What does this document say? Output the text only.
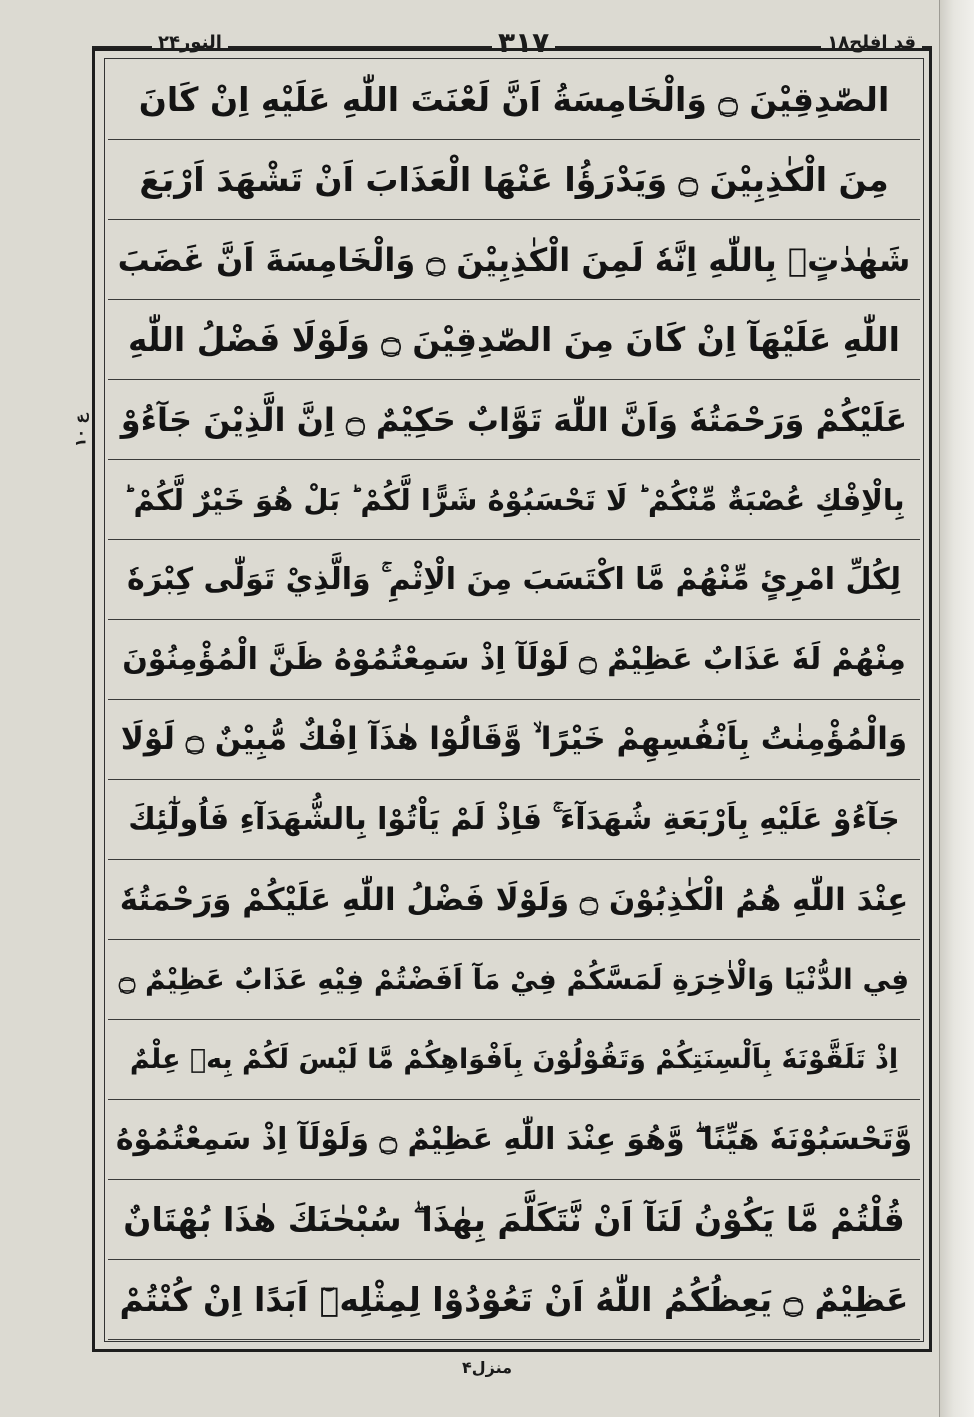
النور۲۴	۳۱۷	قد افلح۱۸
ع ۱۰
الصّٰدِقِيْنَ ۝ وَالْخَامِسَةُ اَنَّ لَعْنَتَ اللّٰهِ عَلَيْهِ اِنْ كَانَ
مِنَ الْكٰذِبِيْنَ ۝ وَيَدْرَؤُا عَنْهَا الْعَذَابَ اَنْ تَشْهَدَ اَرْبَعَ
شَهٰدٰتٍۭ بِاللّٰهِ اِنَّهٗ لَمِنَ الْكٰذِبِيْنَ ۝ وَالْخَامِسَةَ اَنَّ غَضَبَ
اللّٰهِ عَلَيْهَآ اِنْ كَانَ مِنَ الصّٰدِقِيْنَ ۝ وَلَوْلَا فَضْلُ اللّٰهِ
عَلَيْكُمْ وَرَحْمَتُهٗ وَاَنَّ اللّٰهَ تَوَّابٌ حَكِيْمٌ ۝ اِنَّ الَّذِيْنَ جَآءُوْ
بِالْاِفْكِ عُصْبَةٌ مِّنْكُمْ ؕ لَا تَحْسَبُوْهُ شَرًّا لَّكُمْ ؕ بَلْ هُوَ خَيْرٌ لَّكُمْ ؕ
لِكُلِّ امْرِئٍ مِّنْهُمْ مَّا اكْتَسَبَ مِنَ الْاِثْمِ ۚ وَالَّذِيْ تَوَلّٰى كِبْرَهٗ
مِنْهُمْ لَهٗ عَذَابٌ عَظِيْمٌ ۝ لَوْلَآ اِذْ سَمِعْتُمُوْهُ ظَنَّ الْمُؤْمِنُوْنَ
وَالْمُؤْمِنٰتُ بِاَنْفُسِهِمْ خَيْرًا ۙ وَّقَالُوْا هٰذَآ اِفْكٌ مُّبِيْنٌ ۝ لَوْلَا
جَآءُوْ عَلَيْهِ بِاَرْبَعَةِ شُهَدَآءَ ۚ فَاِذْ لَمْ يَاْتُوْا بِالشُّهَدَآءِ فَاُولٰٓئِكَ
عِنْدَ اللّٰهِ هُمُ الْكٰذِبُوْنَ ۝ وَلَوْلَا فَضْلُ اللّٰهِ عَلَيْكُمْ وَرَحْمَتُهٗ
فِي الدُّنْيَا وَالْاٰخِرَةِ لَمَسَّكُمْ فِيْ مَآ اَفَضْتُمْ فِيْهِ عَذَابٌ عَظِيْمٌ ۝
اِذْ تَلَقَّوْنَهٗ بِاَلْسِنَتِكُمْ وَتَقُوْلُوْنَ بِاَفْوَاهِكُمْ مَّا لَيْسَ لَكُمْ بِهٖ عِلْمٌ
وَّتَحْسَبُوْنَهٗ هَيِّنًا ۖ وَّهُوَ عِنْدَ اللّٰهِ عَظِيْمٌ ۝ وَلَوْلَآ اِذْ سَمِعْتُمُوْهُ
قُلْتُمْ مَّا يَكُوْنُ لَنَآ اَنْ نَّتَكَلَّمَ بِهٰذَا ۖ سُبْحٰنَكَ هٰذَا بُهْتَانٌ
عَظِيْمٌ ۝ يَعِظُكُمُ اللّٰهُ اَنْ تَعُوْدُوْا لِمِثْلِهٖٓ اَبَدًا اِنْ كُنْتُمْ
منزل۴
